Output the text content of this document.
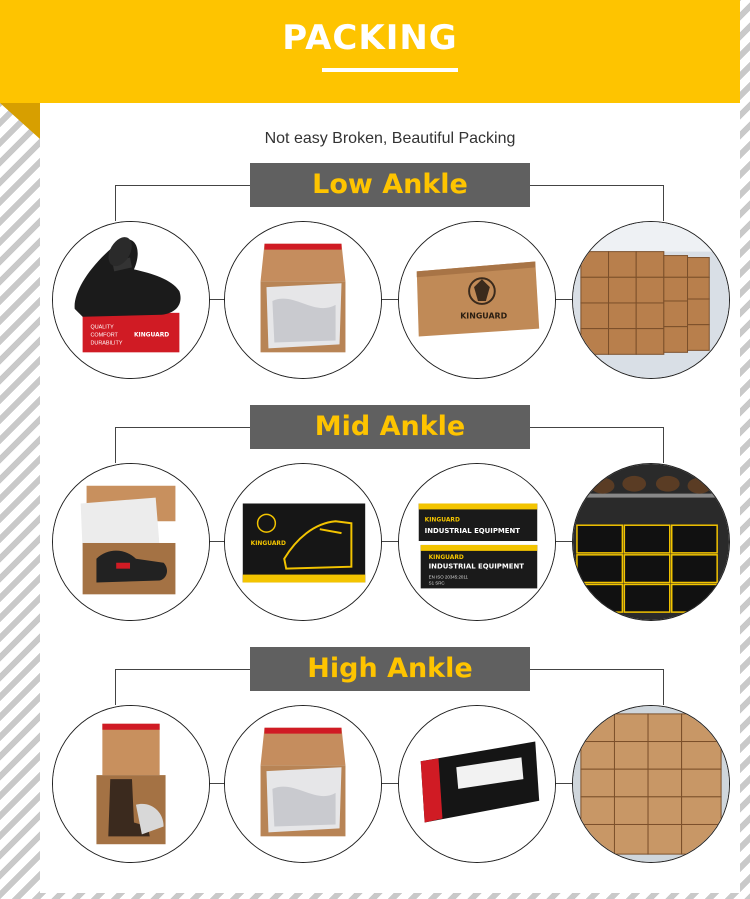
PACKING
Not easy Broken, Beautiful Packing
Low Ankle
QUALITY
COMFORT
DURABILITY
KINGUARD
KINGUARD
Mid Ankle
KINGUARD
KINGUARD
INDUSTRIAL EQUIPMENT
KINGUARD
INDUSTRIAL EQUIPMENT
EN ISO 20345:2011
S1 SRC
High Ankle
